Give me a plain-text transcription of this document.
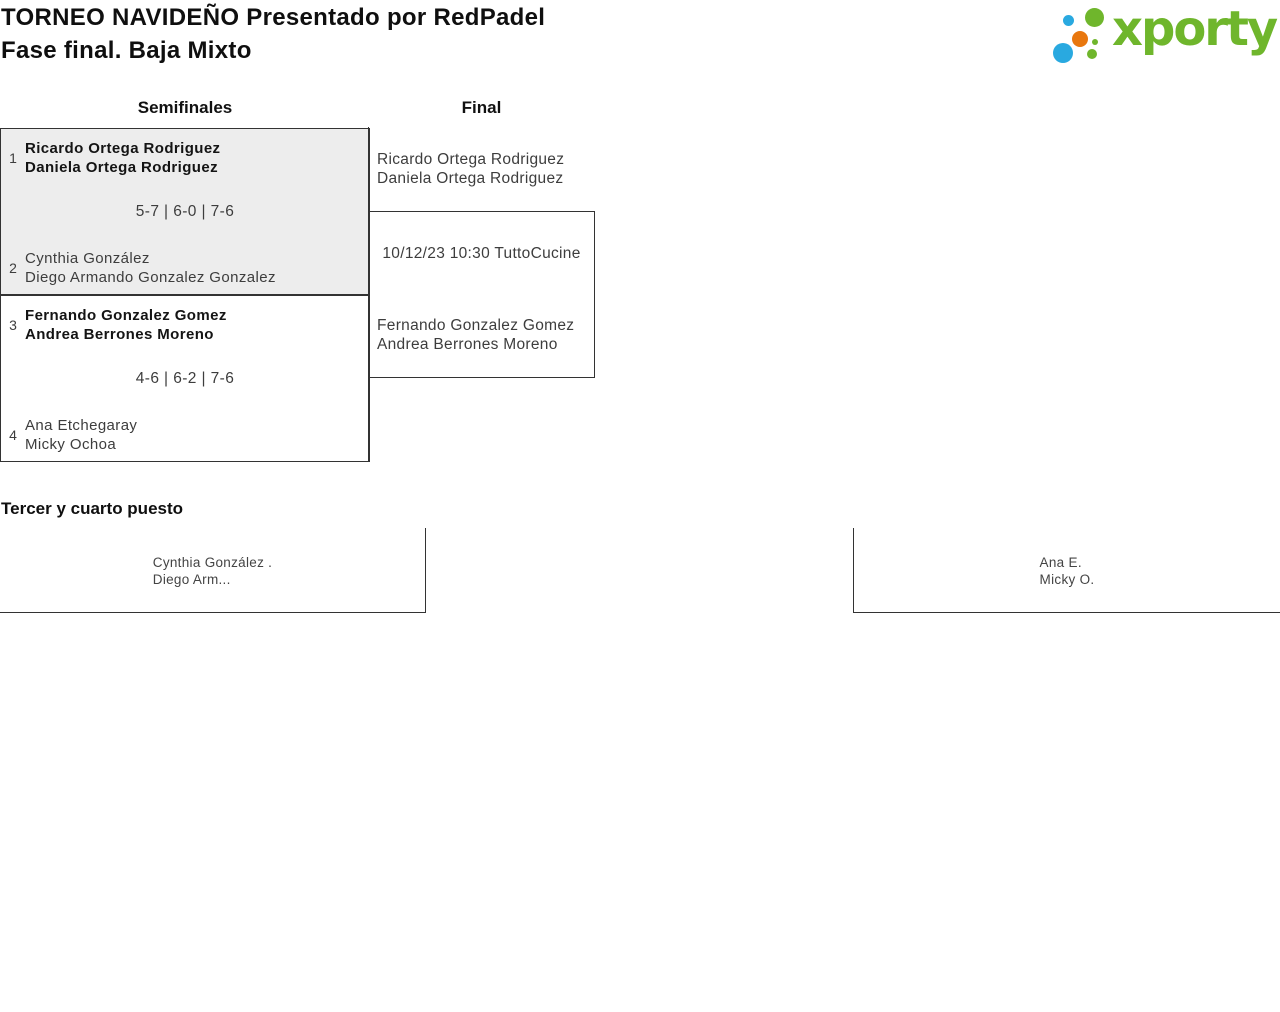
TORNEO NAVIDEÑO Presentado por RedPadel
Fase final. Baja Mixto	xporty
Semifinales	Final
1
Ricardo Ortega Rodriguez
Daniela Ortega Rodriguez
5-7 | 6-0 | 7-6
2
Cynthia González
Diego Armando Gonzalez Gonzalez
3
Fernando Gonzalez Gomez
Andrea Berrones Moreno
4-6 | 6-2 | 7-6
4
Ana Etchegaray
Micky Ochoa
Ricardo Ortega Rodriguez
Daniela Ortega Rodriguez
10/12/23 10:30 TuttoCucine
Fernando Gonzalez Gomez
Andrea Berrones Moreno
Tercer y cuarto puesto
Cynthia González .
Diego Arm...
Ana E.
Micky O.
